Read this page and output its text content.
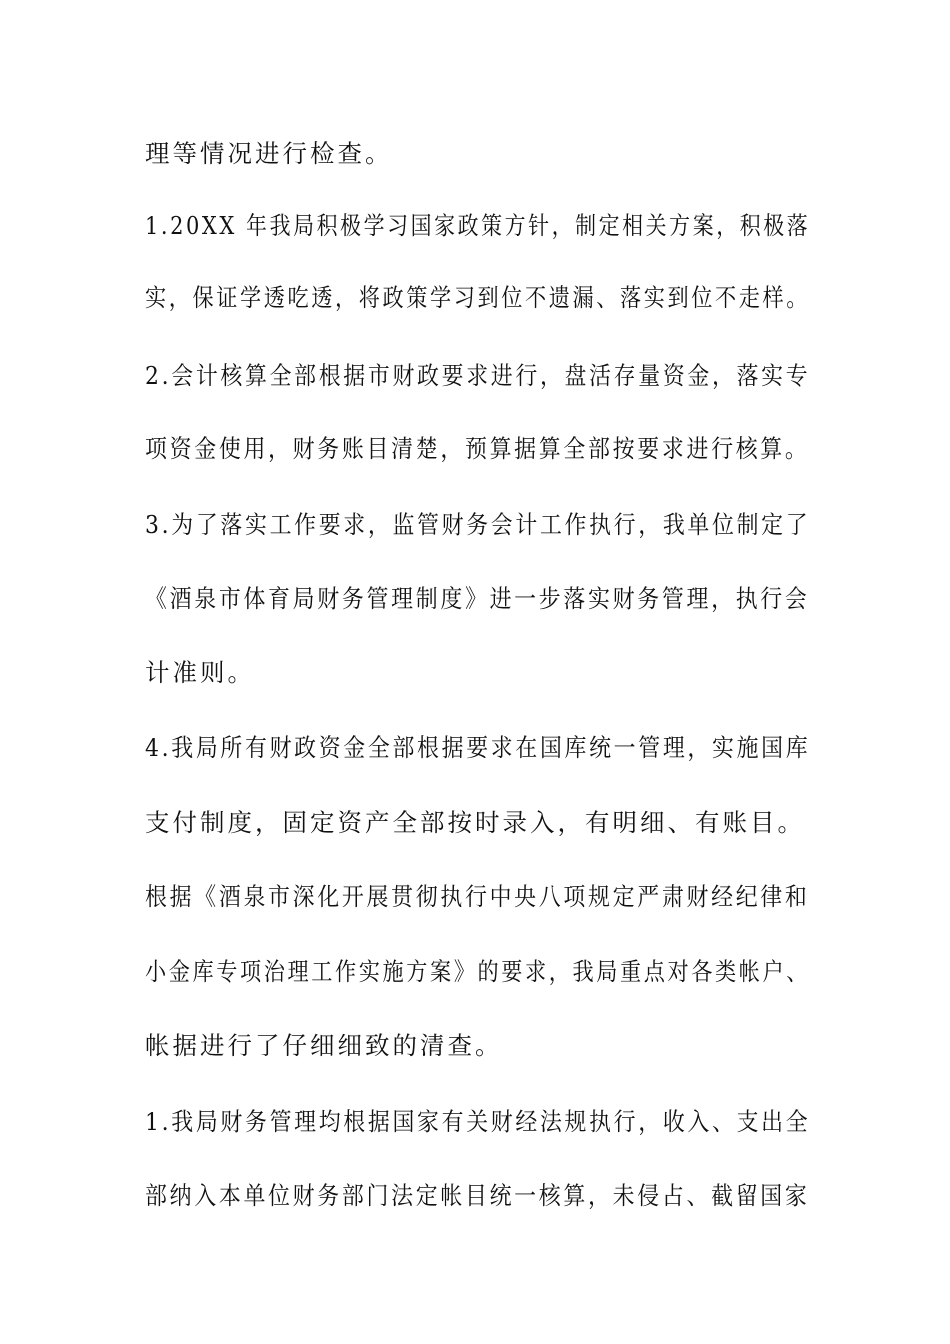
理等情况进行检查。
1.20XX 年我局积极学习国家政策方针，制定相关方案，积极落
实，保证学透吃透，将政策学习到位不遗漏、落实到位不走样。
2.会计核算全部根据市财政要求进行，盘活存量资金，落实专
项资金使用，财务账目清楚，预算据算全部按要求进行核算。
3.为了落实工作要求，监管财务会计工作执行，我单位制定了
《酒泉市体育局财务管理制度》进一步落实财务管理，执行会
计准则。
4.我局所有财政资金全部根据要求在国库统一管理，实施国库
支付制度，固定资产全部按时录入，有明细、有账目。
根据《酒泉市深化开展贯彻执行中央八项规定严肃财经纪律和
小金库专项治理工作实施方案》的要求，我局重点对各类帐户、
帐据进行了仔细细致的清查。
1.我局财务管理均根据国家有关财经法规执行，收入、支出全
部纳入本单位财务部门法定帐目统一核算，未侵占、截留国家
